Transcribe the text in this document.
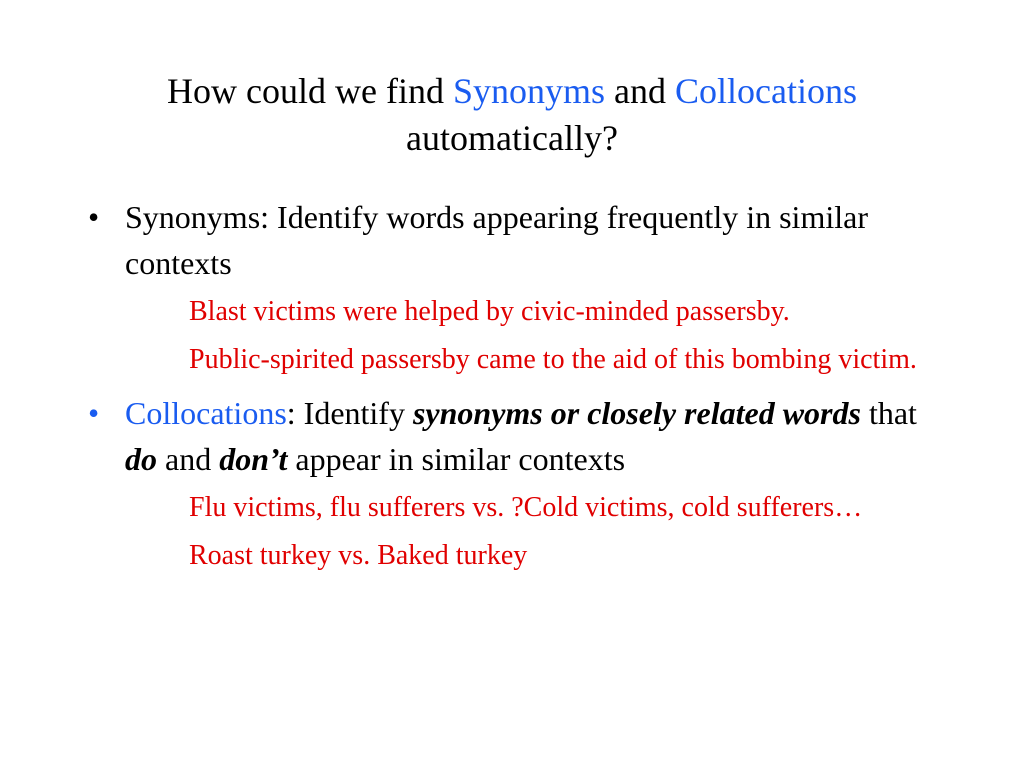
How could we find Synonyms and Collocations
automatically?
• Synonyms: Identify words appearing frequently in similar contexts
Blast victims were helped by civic-minded passersby.
Public-spirited passersby came to the aid of this bombing victim.
• Collocations: Identify synonyms or closely related words that do and don’t appear in similar contexts
Flu victims, flu sufferers vs. ?Cold victims, cold sufferers…
Roast turkey vs. Baked turkey
